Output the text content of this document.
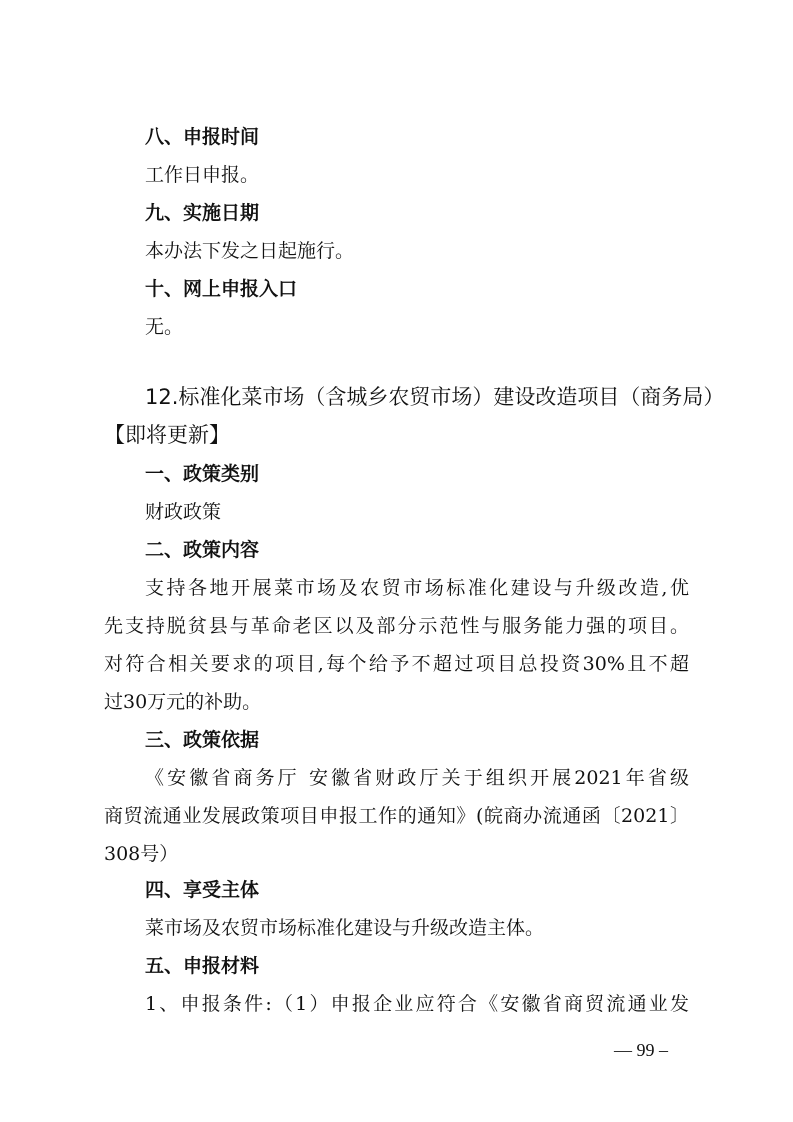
八、申报时间
工作日申报。
九、实施日期
本办法下发之日起施行。
十、网上申报入口
无。
12.标准化菜市场（含城乡农贸市场）建设改造项目（商务局）
【即将更新】
一、政策类别
财政政策
二、政策内容
支持各地开展菜市场及农贸市场标准化建设与升级改造,优
先支持脱贫县与革命老区以及部分示范性与服务能力强的项目。
对符合相关要求的项目,每个给予不超过项目总投资30%且不超
过30万元的补助。
三、政策依据
《安徽省商务厅 安徽省财政厅关于组织开展2021年省级
商贸流通业发展政策项目申报工作的通知》(皖商办流通函〔2021〕
308号）
四、享受主体
菜市场及农贸市场标准化建设与升级改造主体。
五、申报材料
1、申报条件:（1）申报企业应符合《安徽省商贸流通业发
— 99 –
